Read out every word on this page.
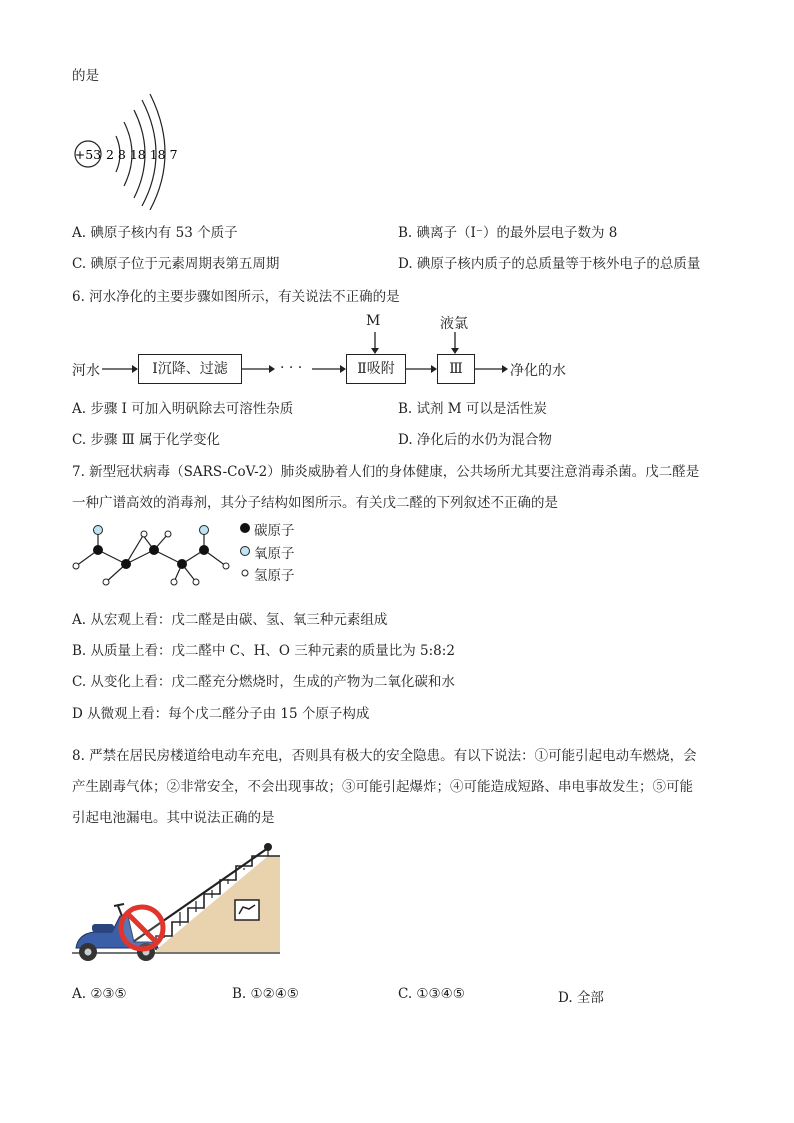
的是
+53 2 8 18 18 7
A. 碘原子核内有 53 个质子	B. 碘离子（I⁻）的最外层电子数为 8
C. 碘原子位于元素周期表第五周期	D. 碘原子核内质子的总质量等于核外电子的总质量
6. 河水净化的主要步骤如图所示，有关说法不正确的是
河水	Ⅰ沉降、过滤	· · ·
M
Ⅱ吸附
液氯
Ⅲ	净化的水
A. 步骤 Ⅰ 可加入明矾除去可溶性杂质	B. 试剂 M 可以是活性炭
C. 步骤 Ⅲ 属于化学变化	D. 净化后的水仍为混合物
7. 新型冠状病毒（SARS-CoV-2）肺炎威胁着人们的身体健康，公共场所尤其要注意消毒杀菌。戊二醛是
一种广谱高效的消毒剂，其分子结构如图所示。有关戊二醛的下列叙述不正确的是
碳原子
氧原子
氢原子
A. 从宏观上看：戊二醛是由碳、氢、氧三种元素组成
B. 从质量上看：戊二醛中 C、H、O 三种元素的质量比为 5:8:2
C. 从变化上看：戊二醛充分燃烧时，生成的产物为二氧化碳和水
D 从微观上看：每个戊二醛分子由 15 个原子构成
8. 严禁在居民房楼道给电动车充电，否则具有极大的安全隐患。有以下说法：①可能引起电动车燃烧，会
产生剧毒气体；②非常安全，不会出现事故；③可能引起爆炸；④可能造成短路、串电事故发生；⑤可能
引起电池漏电。其中说法正确的是
A. ②③⑤	B. ①②④⑤	C. ①③④⑤	D. 全部
